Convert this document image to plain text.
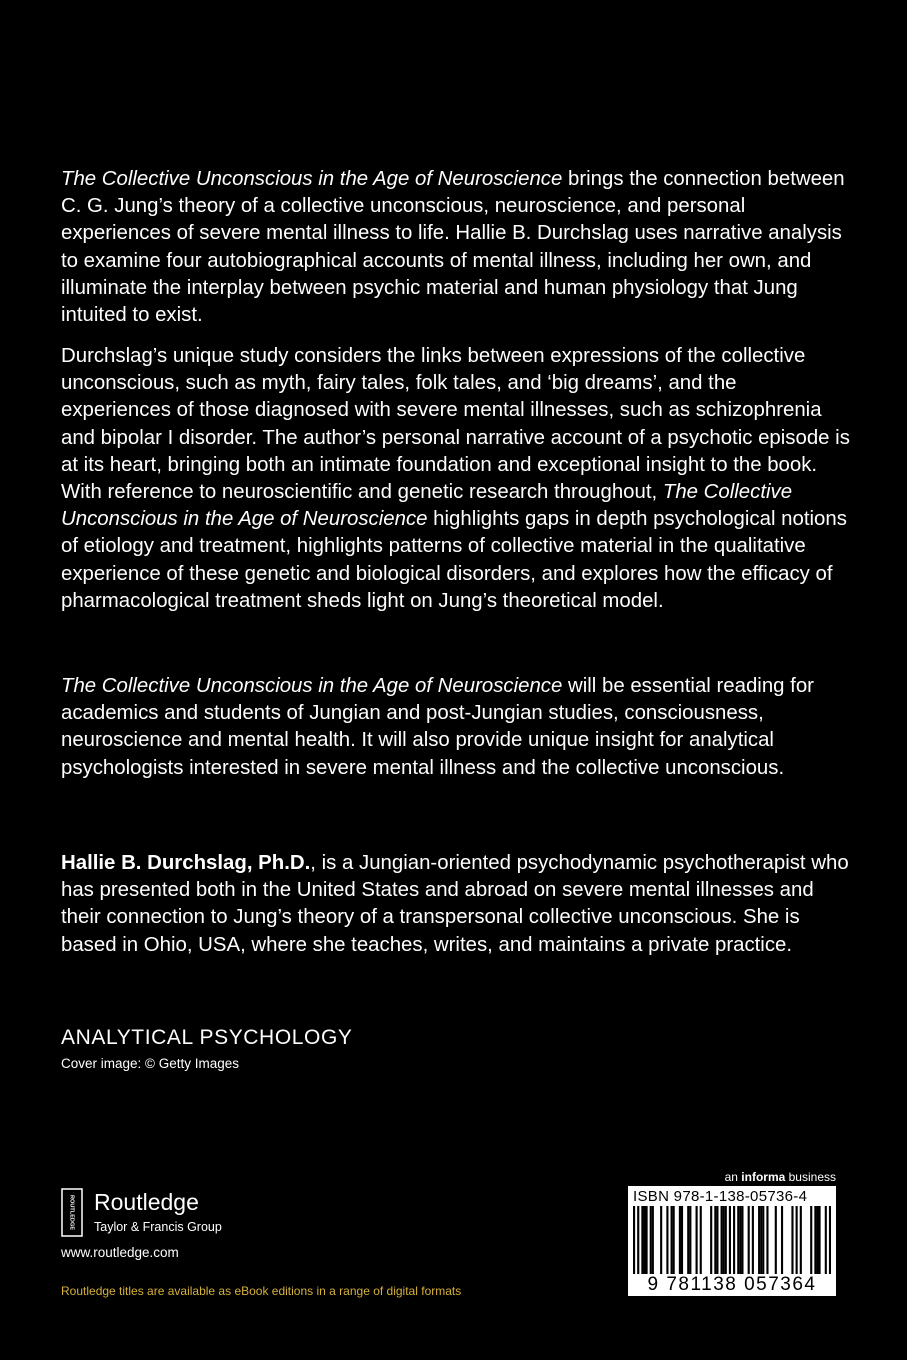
The Collective Unconscious in the Age of Neuroscience brings the connection between C. G. Jung’s theory of a collective unconscious, neuroscience, and personal experiences of severe mental illness to life. Hallie B. Durchslag uses narrative analysis to examine four autobiographical accounts of mental illness, including her own, and illuminate the interplay between psychic material and human physiology that Jung intuited to exist.

Durchslag’s unique study considers the links between expressions of the collective unconscious, such as myth, fairy tales, folk tales, and ‘big dreams’, and the experiences of those diagnosed with severe mental illnesses, such as schizophrenia and bipolar I disorder. The author’s personal narrative account of a psychotic episode is at its heart, bringing both an intimate foundation and exceptional insight to the book. With reference to neuroscientific and genetic research throughout, The Collective Unconscious in the Age of Neuroscience highlights gaps in depth psychological notions of etiology and treatment, highlights patterns of collective material in the qualitative experience of these genetic and biological disorders, and explores how the efficacy of pharmacological treatment sheds light on Jung’s theoretical model.

The Collective Unconscious in the Age of Neuroscience will be essential reading for academics and students of Jungian and post-Jungian studies, consciousness, neuroscience and mental health. It will also provide unique insight for analytical psychologists interested in severe mental illness and the collective unconscious.

Hallie B. Durchslag, Ph.D., is a Jungian-oriented psychodynamic psychotherapist who has presented both in the United States and abroad on severe mental illnesses and their connection to Jung’s theory of a transpersonal collective unconscious. She is based in Ohio, USA, where she teaches, writes, and maintains a private practice.

ANALYTICAL PSYCHOLOGY

Cover image: © Getty Images

ROUTLEDGE Routledge

Taylor & Francis Group

www.routledge.com

Routledge titles are available as eBook editions in a range of digital formats

an informa business

ISBN 978-1-138-05736-4

9 781138 057364
